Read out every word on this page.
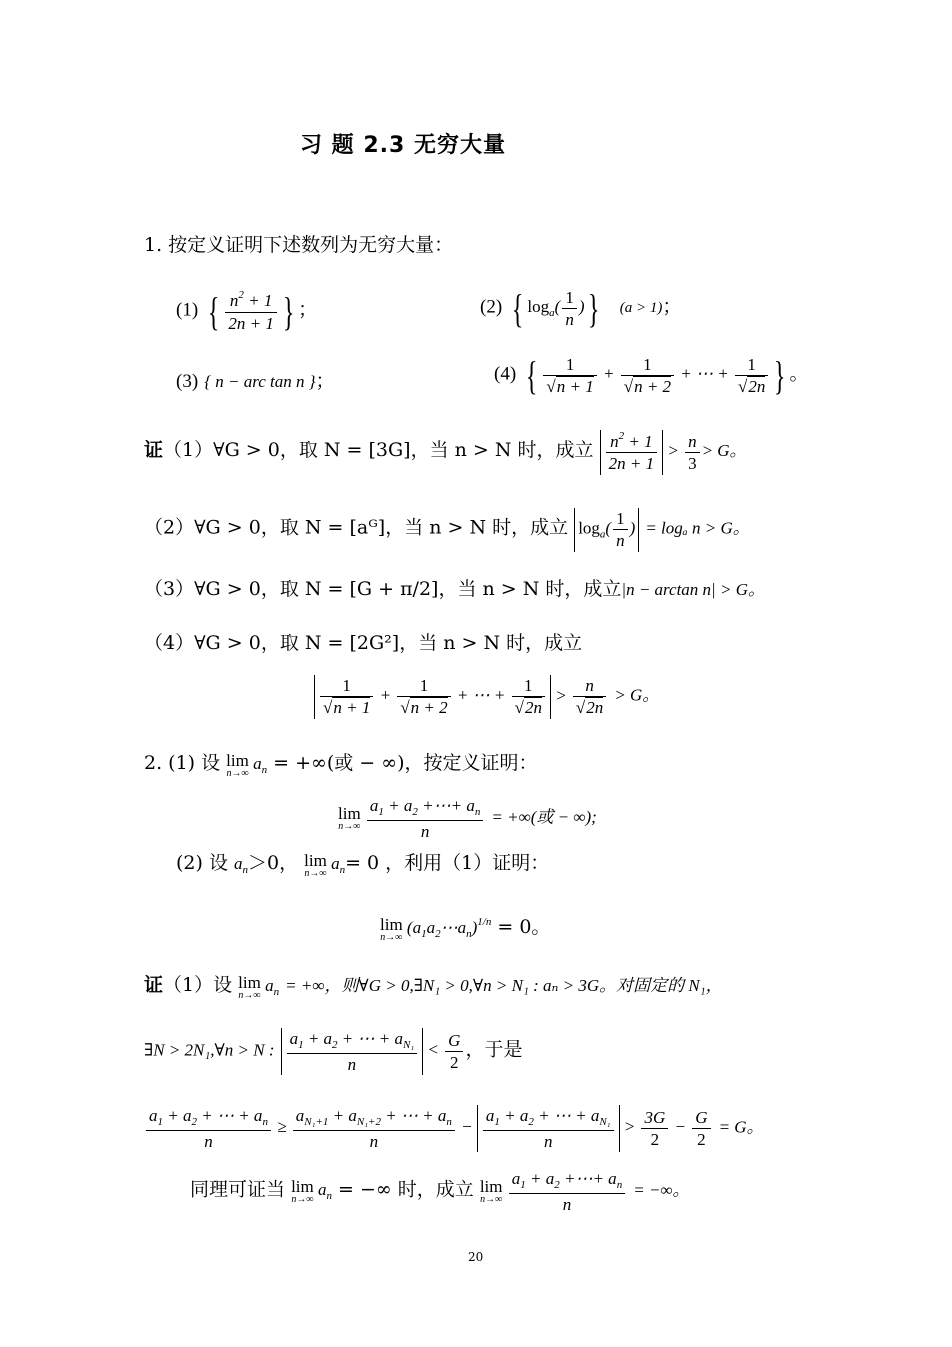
习 题 2.3 无穷大量
1. 按定义证明下述数列为无穷大量：
(1) { $\frac{n^2 + 1}{2n + 1}$ } ；	(2) { $\log_a( \frac{1}{n}$ )} (a > 1)；
(3) { n − arc tan n }；	(4) { $\frac{1}{√n + 1} + \frac{1}{√n + 2}$ + ⋯ + $\frac{1}{√2n}$ } 。
证（1）∀G > 0，取 N = [3G]，当 n > N 时，成立 $\frac{n^2 + 1}{2n + 1} > \frac{n}{3} > G$。
（2）∀G > 0，取 N = [aᴳ]，当 n > N 时，成立 $\log_a( \frac{1}{n}$ ) = logₐ n > G。
（3）∀G > 0，取 N = [G + π/2]，当 n > N 时，成立|n − arctan n| > G。
（4）∀G > 0，取 N = [2G²]，当 n > N 时，成立
$\frac{1}{√n + 1} + \frac{1}{√n + 2}$ + ⋯ + $\frac{1}{√2n} > \frac{n}{√2n} > G$。
2. (1) 设 lim
n→∞
$a_n$ = +∞(或 − ∞)，按定义证明：
lim
n→∞
$\frac{a_1 + a_2 +\cdots+ a_n}{n}$ = +∞(或 − ∞);
(2) 设 $a_n>0$， lim
n→∞
$a_n= 0$ ，利用（1）证明：
lim
n→∞
$(a_1a_2\cdots a_n)^{1/n} = 0$。
证（1）设 lim
n→∞
$a_n$ = +∞，则∀G > 0,∃N₁ > 0,∀n > N₁ : aₙ > 3G。对固定的 N₁，
∃N > 2N₁,∀n > N : $\frac{a_1 + a_2 + \cdots + a_{N_1}}{n} < \frac{G}{2}$ ，于是
$\frac{a_1 + a_2 + \cdots + a_n}{n} \ge \frac{a_{N_1+1} + a_{N_1+2} + \cdots + a_n}{n} - \frac{a_1 + a_2 + \cdots + a_{N_1}}{n} > \frac{3G}{2} - \frac{G}{2} = G$。
同理可证当 lim
n→∞
$a_n$ = −∞ 时，成立 lim
n→∞
$\frac{a_1 + a_2 +\cdots+ a_n}{n}$ = −∞。
20
